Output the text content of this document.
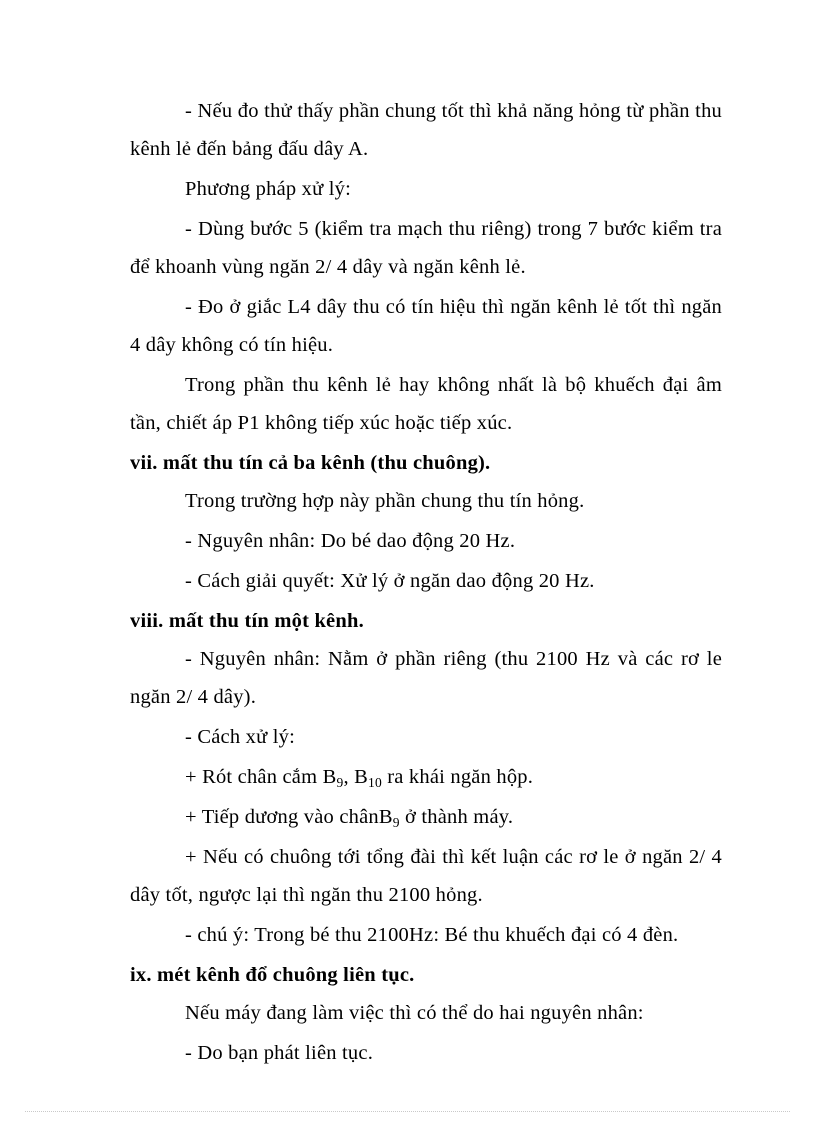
- Nếu đo thử thấy phần chung tốt thì khả năng hỏng từ phần thu kênh lẻ đến bảng đấu dây A.

Phương pháp xử lý:

- Dùng bước 5 (kiểm tra mạch thu riêng) trong 7 bước kiểm tra để khoanh vùng ngăn 2/ 4 dây và ngăn kênh lẻ.

- Đo ở giắc L4 dây thu có tín hiệu thì ngăn kênh lẻ tốt thì ngăn 4 dây không có tín hiệu.

Trong phần thu kênh lẻ hay không nhất là bộ khuếch đại âm tần, chiết áp P1 không tiếp xúc hoặc tiếp xúc.

vii. mất thu tín cả ba kênh (thu chuông).

Trong trường hợp này phần chung thu tín hỏng.

- Nguyên nhân: Do bé dao động 20 Hz.

- Cách giải quyết: Xử lý ở ngăn dao động 20 Hz.

viii. mất thu tín một kênh.

- Nguyên nhân: Nằm ở phần riêng (thu 2100 Hz và các rơ le ngăn 2/ 4 dây).

- Cách xử lý:

+ Rót chân cắm $B_9$, $B_{10}$ ra khái ngăn hộp.

+ Tiếp dương vào chânB$_9$ ở thành máy.

+ Nếu có chuông tới tổng đài thì kết luận các rơ le ở ngăn 2/ 4 dây tốt, ngược lại thì ngăn thu 2100 hỏng.

- chú ý: Trong bé thu 2100Hz: Bé thu khuếch đại có 4 đèn.

ix. mét kênh đổ chuông liên tục.

Nếu máy đang làm việc thì có thể do hai nguyên nhân:

- Do bạn phát liên tục.
